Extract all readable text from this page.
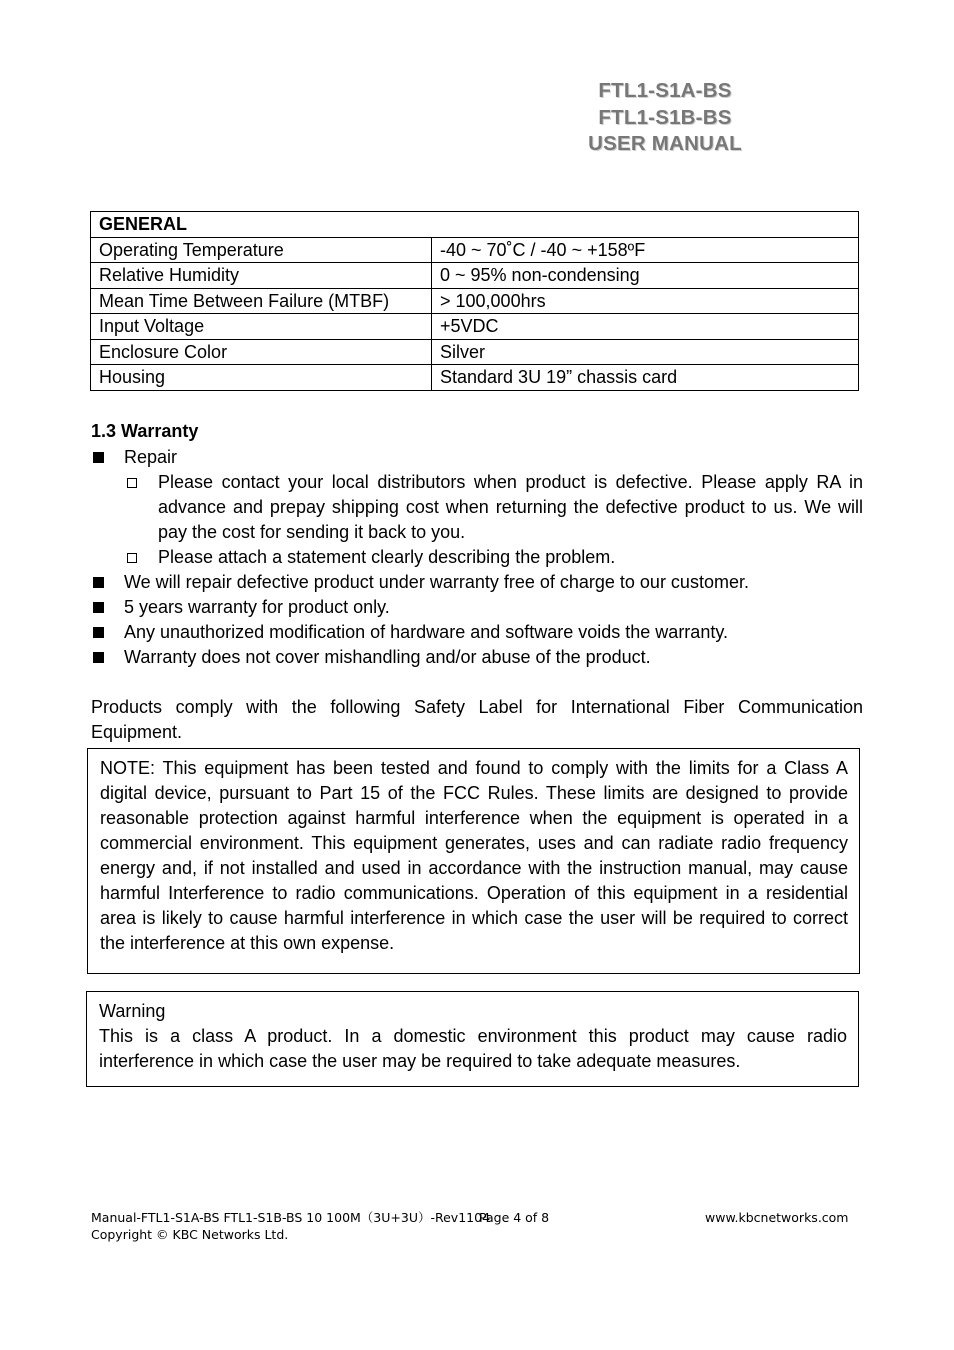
FTL1-S1A-BS
FTL1-S1B-BS
USER MANUAL
GENERAL	
Operating Temperature	-40 ~ 70˚C / -40 ~ +158ºF
Relative Humidity	0 ~ 95% non-condensing
Mean Time Between Failure (MTBF)	> 100,000hrs
Input Voltage	+5VDC
Enclosure Color	Silver
Housing	Standard 3U 19” chassis card
1.3 Warranty
Repair
Please contact your local distributors when product is defective. Please apply RA in advance and prepay shipping cost when returning the defective product to us. We will pay the cost for sending it back to you.
Please attach a statement clearly describing the problem.
We will repair defective product under warranty free of charge to our customer.
5 years warranty for product only.
Any unauthorized modification of hardware and software voids the warranty.
Warranty does not cover mishandling and/or abuse of the product.
Products comply with the following Safety Label for International Fiber Communication Equipment.
NOTE: This equipment has been tested and found to comply with the limits for a Class A digital device, pursuant to Part 15 of the FCC Rules. These limits are designed to provide reasonable protection against harmful interference when the equipment is operated in a commercial environment. This equipment generates, uses and can radiate radio frequency energy and, if not installed and used in accordance with the instruction manual, may cause harmful Interference to radio communications. Operation of this equipment in a residential area is likely to cause harmful interference in which case the user will be required to correct the interference at this own expense.
Warning
This is a class A product. In a domestic environment this product may cause radio interference in which case the user may be required to take adequate measures.
Manual-FTL1-S1A-BS FTL1-S1B-BS 10 100M（3U+3U）-Rev1104
Page 4 of 8	www.kbcnetworks.com
Copyright © KBC Networks Ltd.
